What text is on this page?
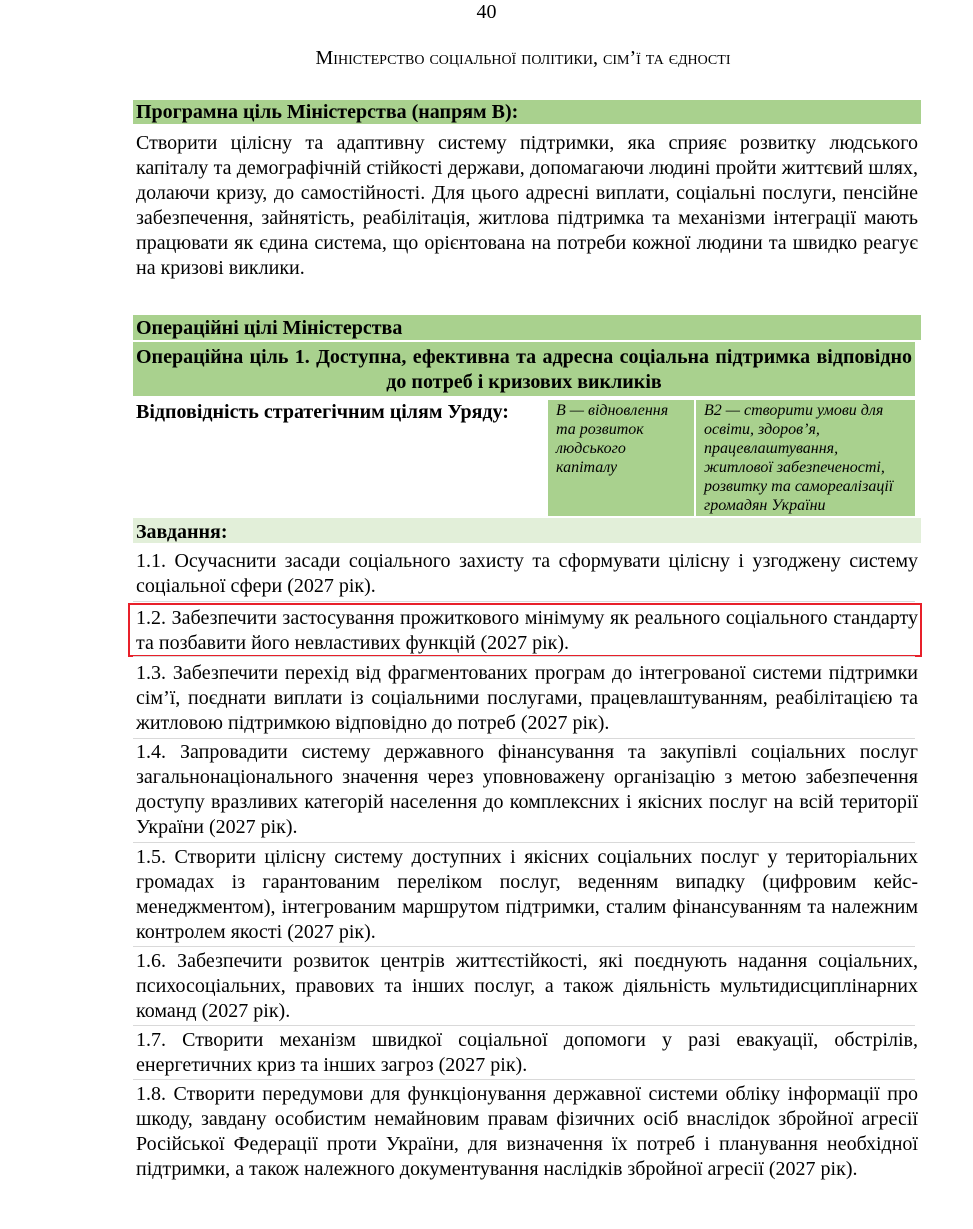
40
Міністерство соціальної політики, сім’ї та єдності
Програмна ціль Міністерства (напрям В):
Створити цілісну та адаптивну систему підтримки, яка сприяє розвитку людського капіталу та демографічній стійкості держави, допомагаючи людині пройти життєвий шлях, долаючи кризу, до самостійності. Для цього адресні виплати, соціальні послуги, пенсійне забезпечення, зайнятість, реабілітація, житлова підтримка та механізми інтеграції мають працювати як єдина система, що орієнтована на потреби кожної людини та швидко реагує на кризові виклики.
Операційні цілі Міністерства
Операційна ціль 1. Доступна, ефективна та адресна соціальна підтримка відповідно до потреб і кризових викликів
Відповідність стратегічним цілям Уряду:	В — відновлення та розвиток людського капіталу
В2 — створити умови для освіти, здоров’я, працевлаштування, житлової забезпеченості, розвитку та самореалізації громадян України
Завдання:
1.1. Осучаснити засади соціального захисту та сформувати цілісну і узгоджену систему соціальної сфери (2027 рік).
1.2. Забезпечити застосування прожиткового мінімуму як реального соціального стандарту та позбавити його невластивих функцій (2027 рік).
1.3. Забезпечити перехід від фрагментованих програм до інтегрованої системи підтримки сім’ї, поєднати виплати із соціальними послугами, працевлаштуванням, реабілітацією та житловою підтримкою відповідно до потреб (2027 рік).
1.4. Запровадити систему державного фінансування та закупівлі соціальних послуг загальнонаціонального значення через уповноважену організацію з метою забезпечення доступу вразливих категорій населення до комплексних і якісних послуг на всій території України (2027 рік).
1.5. Створити цілісну систему доступних і якісних соціальних послуг у територіальних громадах із гарантованим переліком послуг, веденням випадку (цифровим кейс-менеджментом), інтегрованим маршрутом підтримки, сталим фінансуванням та належним контролем якості (2027 рік).
1.6. Забезпечити розвиток центрів життєстійкості, які поєднують надання соціальних, психосоціальних, правових та інших послуг, а також діяльність мультидисциплінарних команд (2027 рік).
1.7. Створити механізм швидкої соціальної допомоги у разі евакуації, обстрілів, енергетичних криз та інших загроз (2027 рік).
1.8. Створити передумови для функціонування державної системи обліку інформації про шкоду, завдану особистим немайновим правам фізичних осіб внаслідок збройної агресії Російської Федерації проти України, для визначення їх потреб і планування необхідної підтримки, а також належного документування наслідків збройної агресії (2027 рік).
